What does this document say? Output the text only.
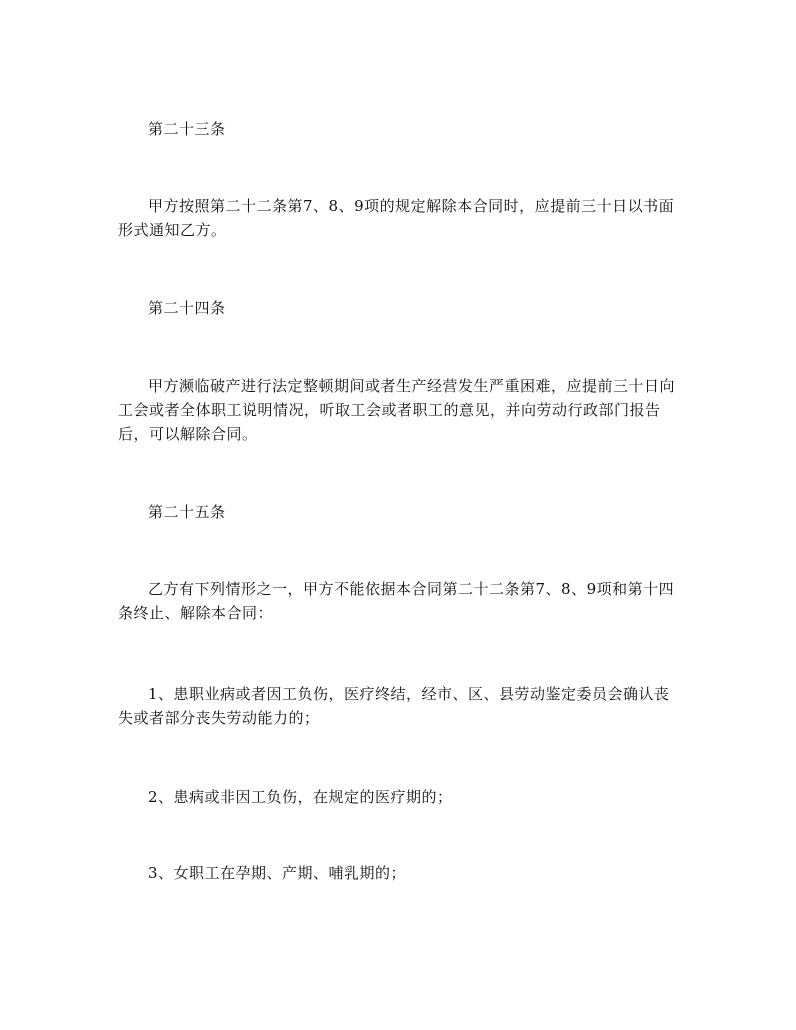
第二十三条

甲方按照第二十二条第7、8、9项的规定解除本合同时，应提前三十日以书面
形式通知乙方。

第二十四条

甲方濒临破产进行法定整顿期间或者生产经营发生严重困难，应提前三十日向
工会或者全体职工说明情况，听取工会或者职工的意见，并向劳动行政部门报告
后，可以解除合同。

第二十五条

乙方有下列情形之一，甲方不能依据本合同第二十二条第7、8、9项和第十四
条终止、解除本合同：

1、患职业病或者因工负伤，医疗终结，经市、区、县劳动鉴定委员会确认丧
失或者部分丧失劳动能力的；

2、患病或非因工负伤，在规定的医疗期的；

3、女职工在孕期、产期、哺乳期的；
